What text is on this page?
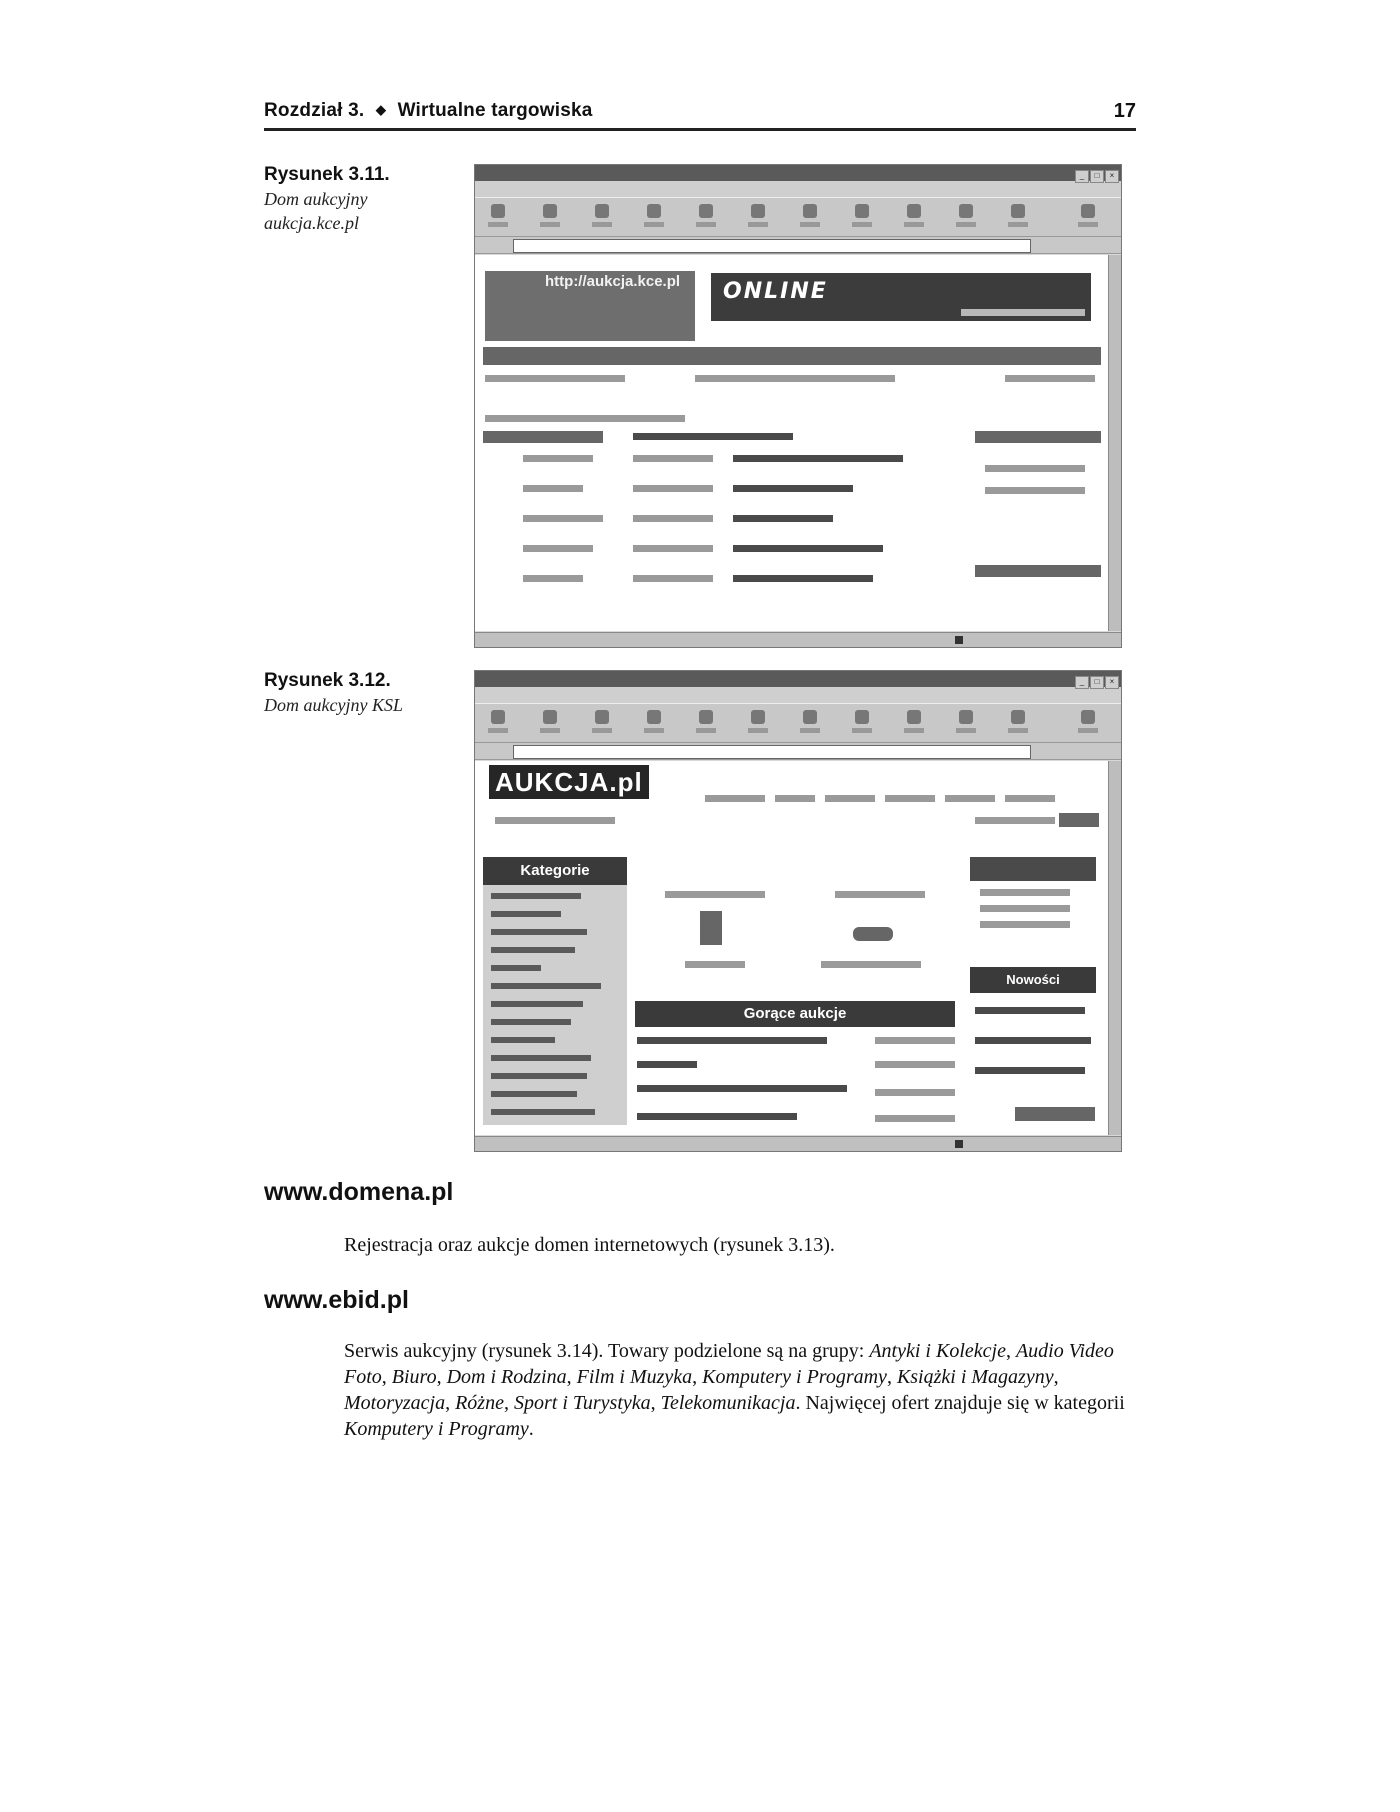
Rozdział 3. ◆ Wirtualne targowiska	17
Rysunek 3.11.
Dom aukcyjny
aukcja.kce.pl
_ □ ×
http://aukcja.kce.pl ONLINE
Rysunek 3.12.
Dom aukcyjny KSL
_ □ ×
AUKCJA.pl
Kategorie
Gorące aukcje
Nowości
www.domena.pl
Rejestracja oraz aukcje domen internetowych (rysunek 3.13).
www.ebid.pl
Serwis aukcyjny (rysunek 3.14). Towary podzielone są na grupy: Antyki i Kolekcje, Audio Video Foto, Biuro, Dom i Rodzina, Film i Muzyka, Komputery i Programy, Książki i Magazyny, Motoryzacja, Różne, Sport i Turystyka, Telekomunikacja. Najwięcej ofert znajduje się w kategorii Komputery i Programy.
